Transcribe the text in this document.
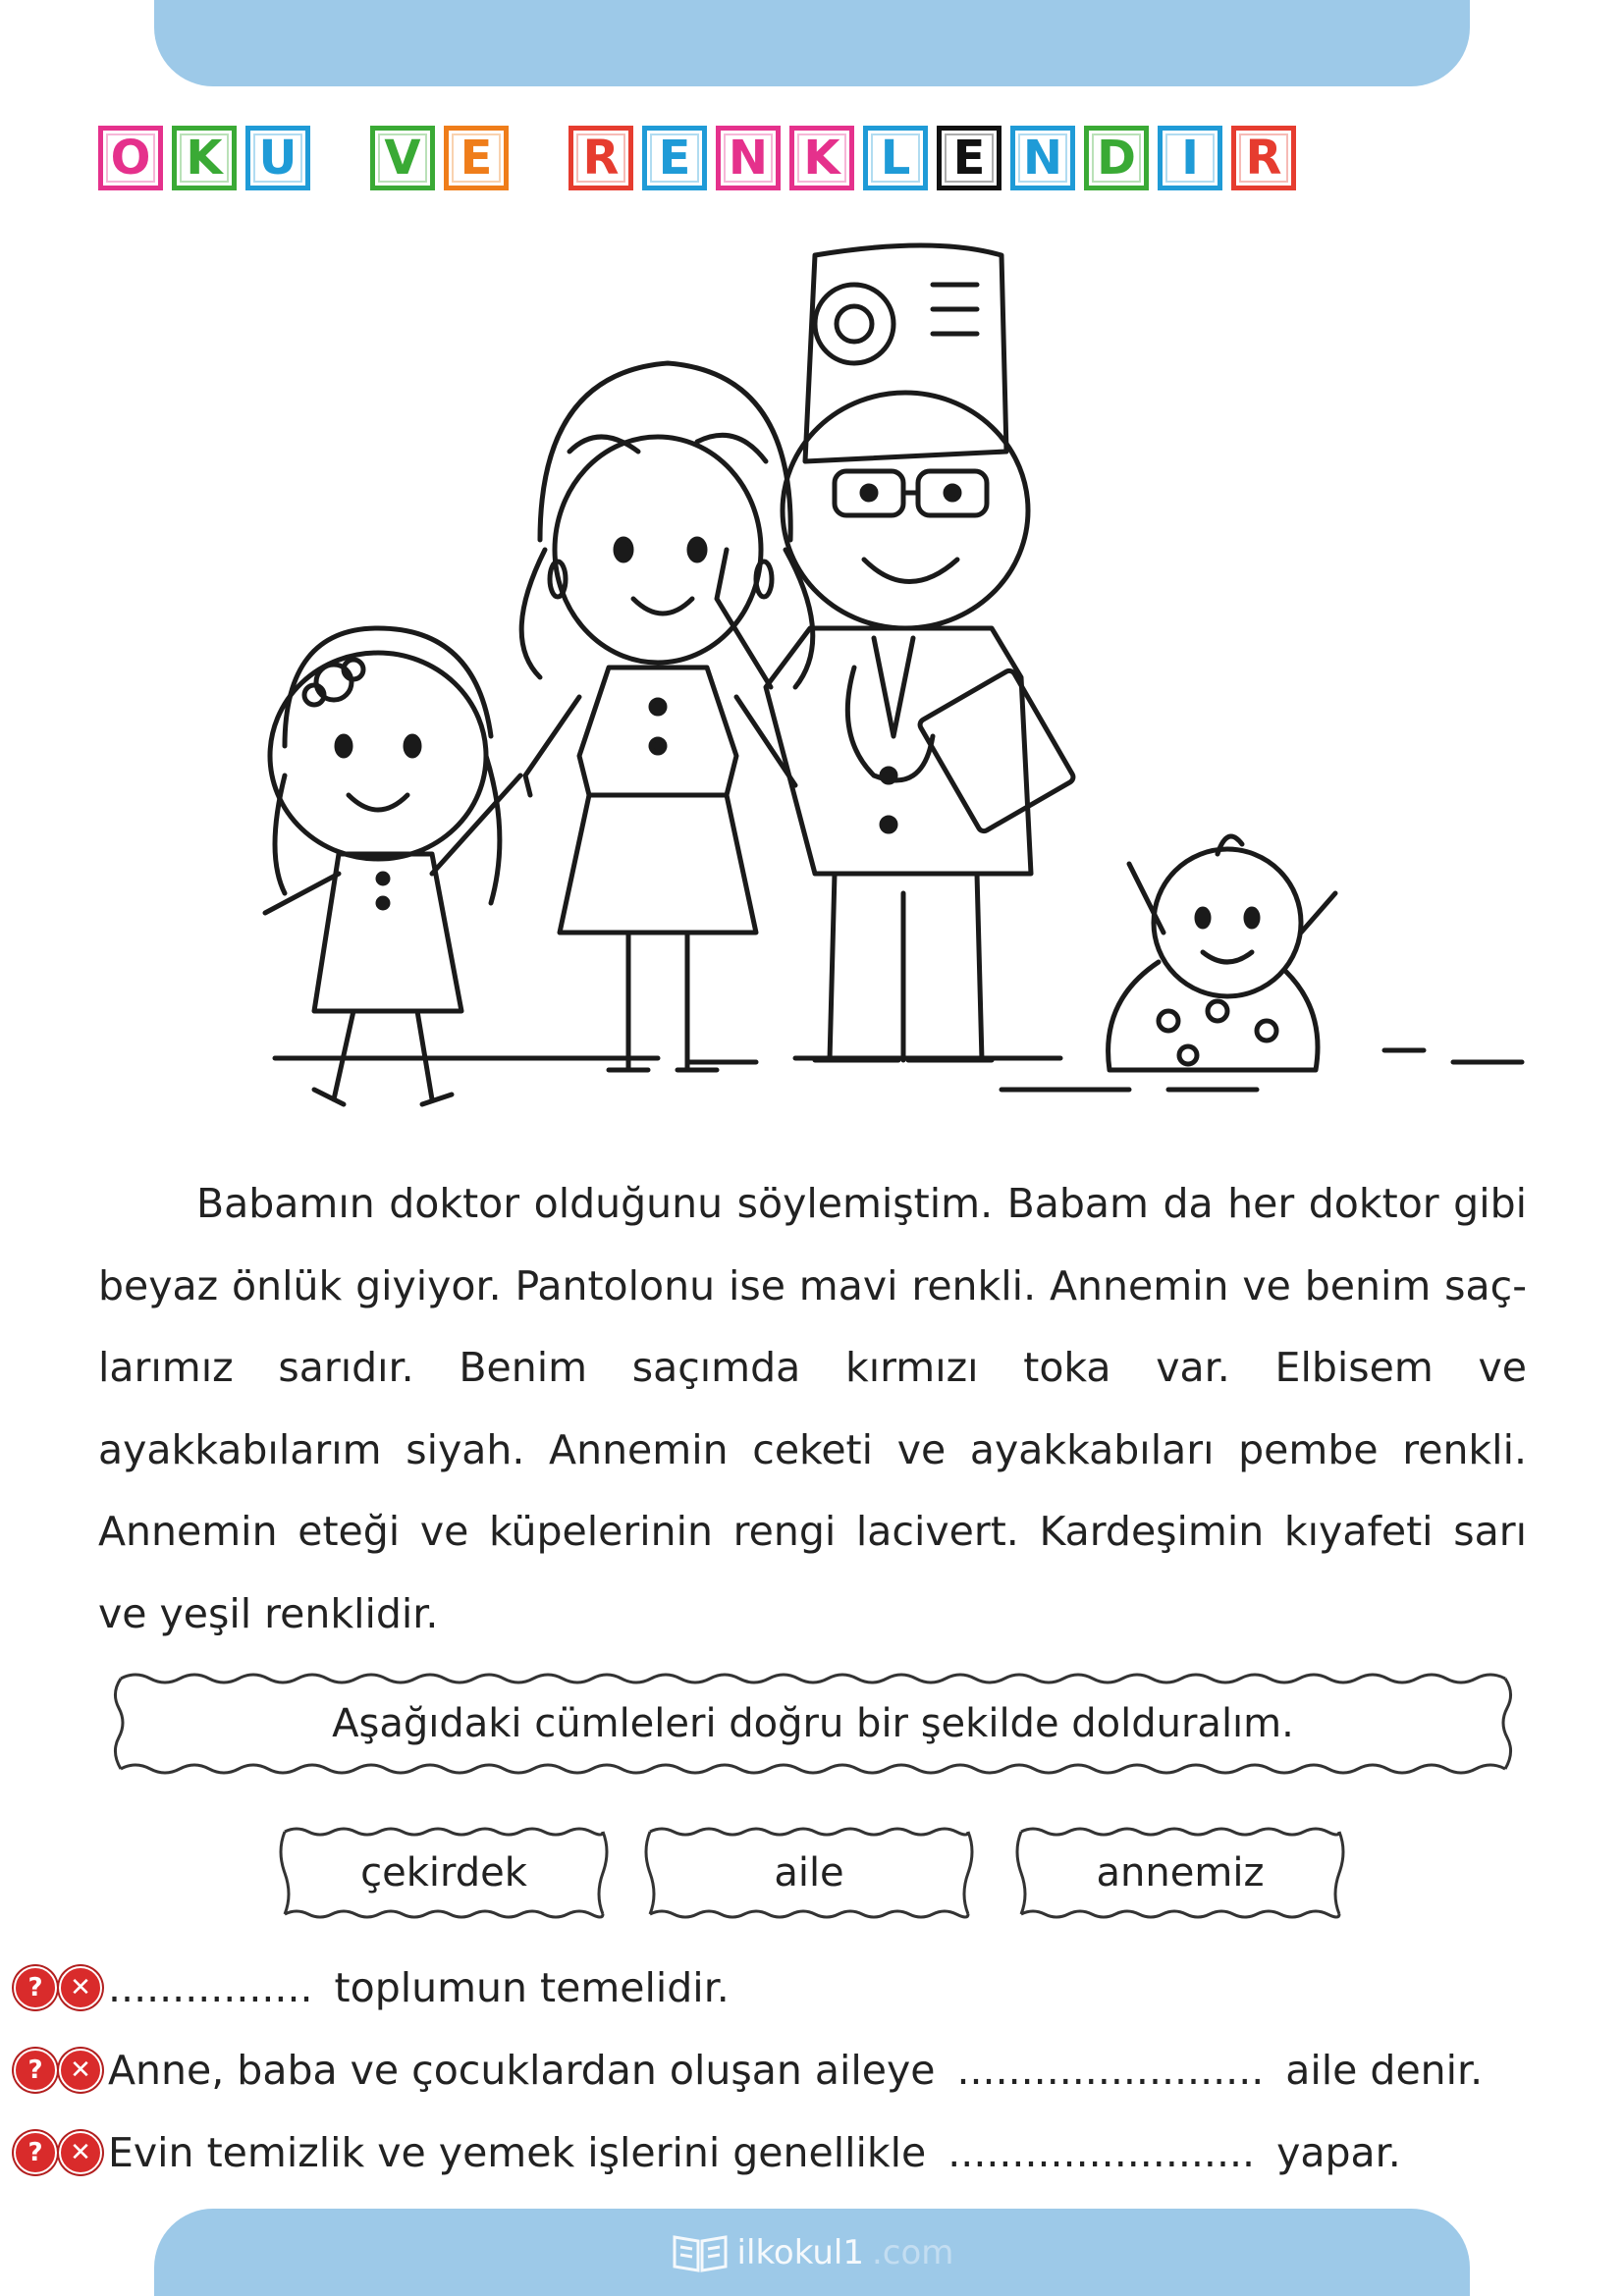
O K U	V E	R E N K L E N D I R

Babamın doktor olduğunu söylemiştim. Babam da her doktor gibi beyaz önlük giyiyor. Pantolonu ise mavi renkli. Annemin ve benim saç-larımız sarıdır. Benim saçımda kırmızı toka var. Elbisem ve ayakkabılarım siyah. Annemin ceketi ve ayakkabıları pembe renkli. Annemin eteği ve küpelerinin rengi lacivert. Kardeşimin kıyafeti sarı ve yeşil renklidir.

Aşağıdaki cümleleri doğru bir şekilde dolduralım.
çekirdek	aile	annemiz
?	✕ ................ toplumun temelidir.
?	✕ Anne, baba ve çocuklardan oluşan aileye ........................ aile denir.
?	✕ Evin temizlik ve yemek işlerini genellikle ........................ yapar.
ilkokul1 .com
